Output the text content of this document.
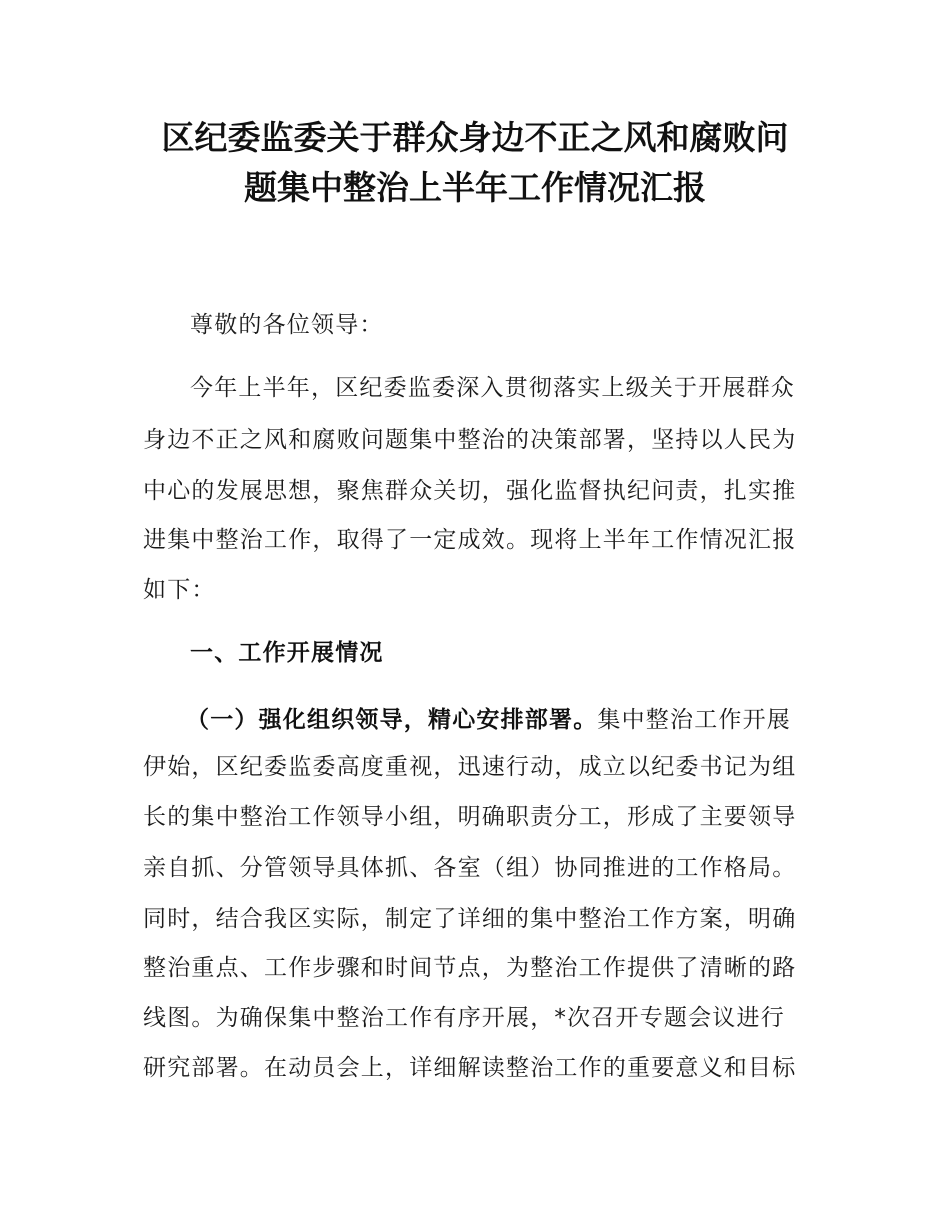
区纪委监委关于群众身边不正之风和腐败问
题集中整治上半年工作情况汇报
尊敬的各位领导：
今年上半年，区纪委监委深入贯彻落实上级关于开展群众
身边不正之风和腐败问题集中整治的决策部署，坚持以人民为
中心的发展思想，聚焦群众关切，强化监督执纪问责，扎实推
进集中整治工作，取得了一定成效。现将上半年工作情况汇报
如下：
一、工作开展情况
（一）强化组织领导，精心安排部署。集中整治工作开展
伊始，区纪委监委高度重视，迅速行动，成立以纪委书记为组
长的集中整治工作领导小组，明确职责分工，形成了主要领导
亲自抓、分管领导具体抓、各室（组）协同推进的工作格局。
同时，结合我区实际，制定了详细的集中整治工作方案，明确
整治重点、工作步骤和时间节点，为整治工作提供了清晰的路
线图。为确保集中整治工作有序开展，*次召开专题会议进行
研究部署。在动员会上，详细解读整治工作的重要意义和目标
